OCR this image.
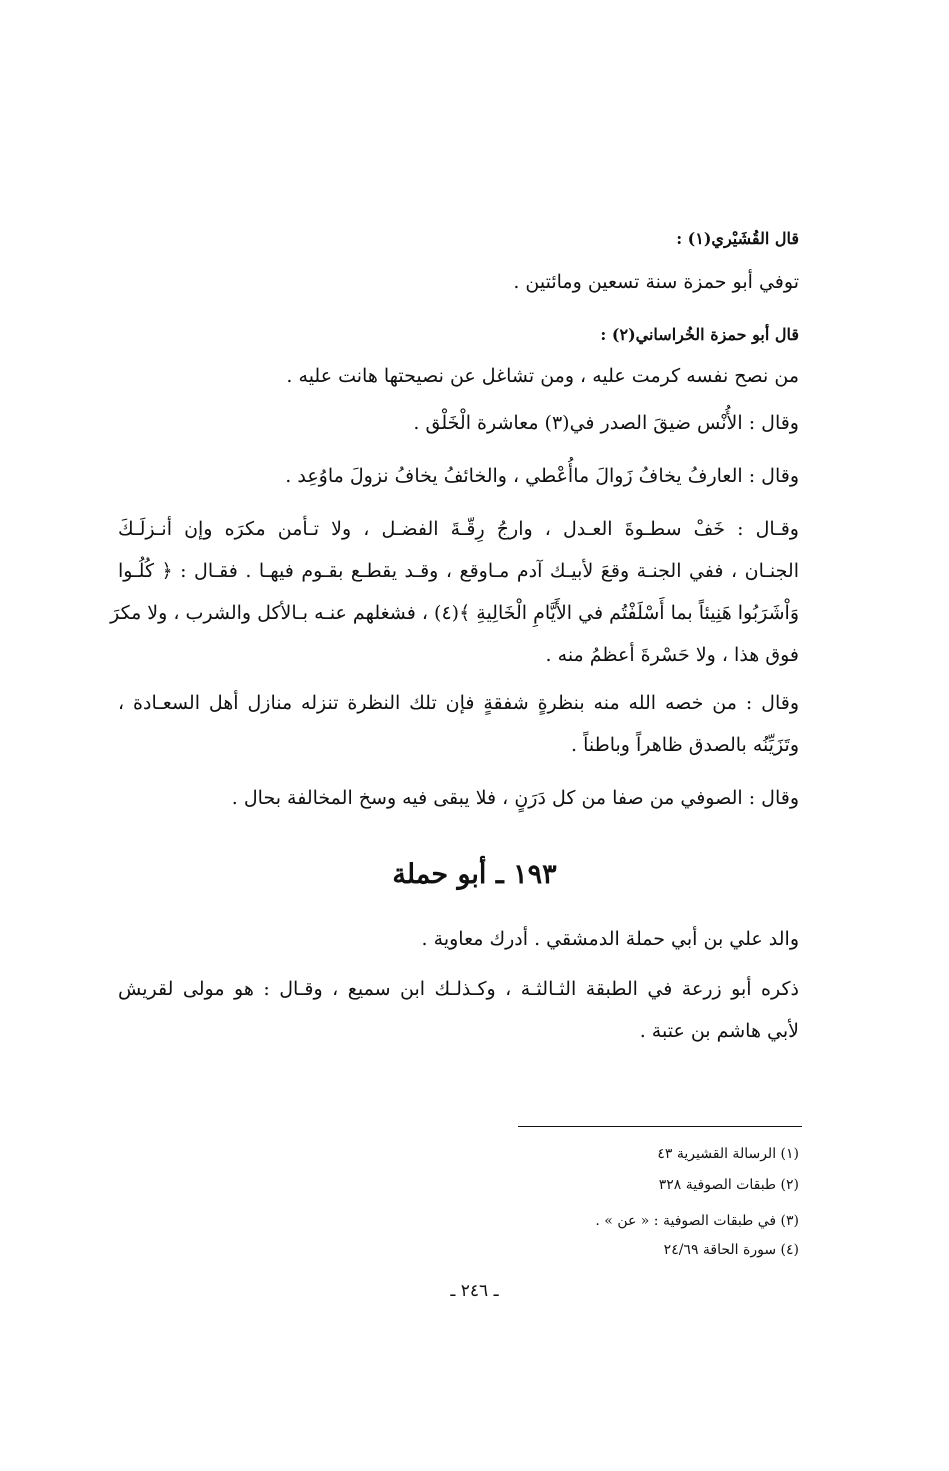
قال القُشَيْري(١) :
توفي أبو حمزة سنة تسعين ومائتين .
قال أبو حمزة الخُراساني(٢) :
من نصح نفسه كرمت عليه ، ومن تشاغل عن نصيحتها هانت عليه .
وقال : الأُنْس ضيقَ الصدر في(٣) معاشرة الْخَلْق .
وقال : العارفُ يخافُ زَوالَ ماأُعْطي ، والخائفُ يخافُ نزولَ ماوُعِد .
وقـال : خَفْ سطـوةَ العـدل ، وارجُ رِقّـةَ الفضـل ، ولا تـأمن مكرَه وإن أنـزلَـكَ
الجنـان ، ففي الجنـة وقعَ لأبيـك آدم مـاوقع ، وقـد يقطـع بقـوم فيهـا . فقـال : ﴿ كُلُـوا
وَاْشَرَبُوا هَنِيئاً بما أَسْلَفْتُم في الأَيَّامِ الْخَالِيةِ ﴾(٤) ، فشغلهم عنـه بـالأكل والشرب ، ولا مكرَ
فوق هذا ، ولا حَسْرةَ أعظمُ منه .
وقال : من خصه الله منه بنظرةٍ شفقةٍ فإن تلك النظرة تنزله منازل أهل السعـادة ،
وتَزَيِّنُه بالصدق ظاهراً وباطناً .
وقال : الصوفي من صفا من كل دَرَنٍ ، فلا يبقى فيه وسخ المخالفة بحال .
١٩٣ ـ أبو حملة
والد علي بن أبي حملة الدمشقي . أدرك معاوية .
ذكره أبو زرعة في الطبقة الثـالثـة ، وكـذلـك ابن سميع ، وقـال : هو مولى لقريش
لأبي هاشم بن عتبة .
(١) الرسالة القشيرية ٤٣
(٢) طبقات الصوفية ٣٢٨
(٣) في طبقات الصوفية : « عن » .
(٤) سورة الحاقة ٢٤/٦٩
ـ ٢٤٦ ـ
